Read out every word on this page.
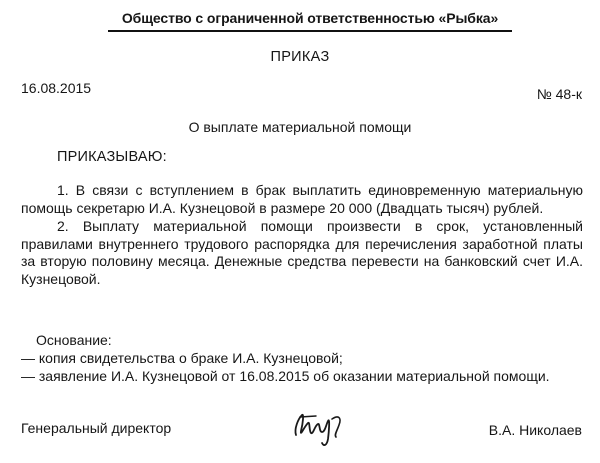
Общество с ограниченной ответственностью «Рыбка»
ПРИКАЗ
16.08.2015	№ 48-к
О выплате материальной помощи
ПРИКАЗЫВАЮ:

1. В связи с вступлением в брак выплатить единовременную материальную помощь секретарю И.А. Кузнецовой в размере 20 000 (Двадцать тысяч) рублей.

2. Выплату материальной помощи произвести в срок, установленный правилами внутреннего трудового распорядка для перечисления заработной платы за вторую половину месяца. Денежные средства перевести на банковский счет И.А. Кузнецовой.

Основание:
— копия свидетельства о браке И.А. Кузнецовой;
— заявление И.А. Кузнецовой от 16.08.2015 об оказании материальной помощи.
Генеральный директор	В.А. Николаев
